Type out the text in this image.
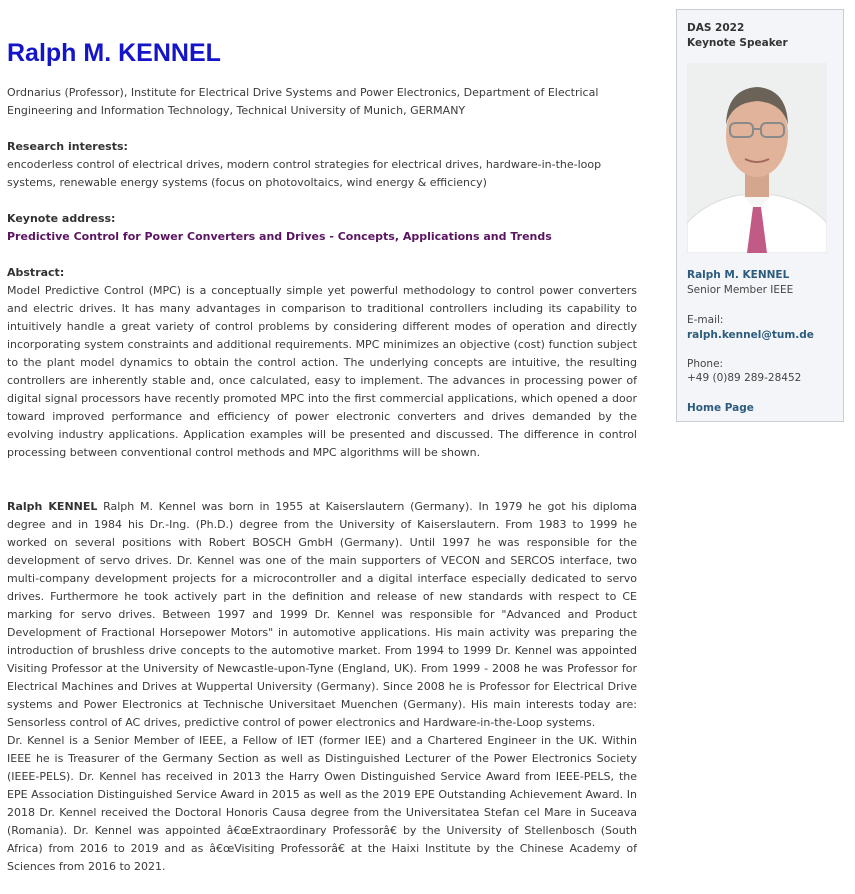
Ralph M. KENNEL

Ordnarius (Professor), Institute for Electrical Drive Systems and Power Electronics, Department of Electrical Engineering and Information Technology, Technical University of Munich, GERMANY

Research interests:

encoderless control of electrical drives, modern control strategies for electrical drives, hardware-in-the-loop systems, renewable energy systems (focus on photovoltaics, wind energy & efficiency)

Keynote address:
Predictive Control for Power Converters and Drives - Concepts, Applications and Trends
Abstract:

Model Predictive Control (MPC) is a conceptually simple yet powerful methodology to control power converters and electric drives. It has many advantages in comparison to traditional controllers including its capability to intuitively handle a great variety of control problems by considering different modes of operation and directly incorporating system constraints and additional requirements. MPC minimizes an objective (cost) function subject to the plant model dynamics to obtain the control action. The underlying concepts are intuitive, the resulting controllers are inherently stable and, once calculated, easy to implement. The advances in processing power of digital signal processors have recently promoted MPC into the first commercial applications, which opened a door toward improved performance and efficiency of power electronic converters and drives demanded by the evolving industry applications. Application examples will be presented and discussed. The difference in control processing between conventional control methods and MPC algorithms will be shown.

Ralph KENNEL Ralph M. Kennel was born in 1955 at Kaiserslautern (Germany). In 1979 he got his diploma degree and in 1984 his Dr.-Ing. (Ph.D.) degree from the University of Kaiserslautern. From 1983 to 1999 he worked on several positions with Robert BOSCH GmbH (Germany). Until 1997 he was responsible for the development of servo drives. Dr. Kennel was one of the main supporters of VECON and SERCOS interface, two multi-company development projects for a microcontroller and a digital interface especially dedicated to servo drives. Furthermore he took actively part in the definition and release of new standards with respect to CE marking for servo drives. Between 1997 and 1999 Dr. Kennel was responsible for "Advanced and Product Development of Fractional Horsepower Motors" in automotive applications. His main activity was preparing the introduction of brushless drive concepts to the automotive market. From 1994 to 1999 Dr. Kennel was appointed Visiting Professor at the University of Newcastle-upon-Tyne (England, UK). From 1999 - 2008 he was Professor for Electrical Machines and Drives at Wuppertal University (Germany). Since 2008 he is Professor for Electrical Drive systems and Power Electronics at Technische Universitaet Muenchen (Germany). His main interests today are: Sensorless control of AC drives, predictive control of power electronics and Hardware-in-the-Loop systems.

Dr. Kennel is a Senior Member of IEEE, a Fellow of IET (former IEE) and a Chartered Engineer in the UK. Within IEEE he is Treasurer of the Germany Section as well as Distinguished Lecturer of the Power Electronics Society (IEEE-PELS). Dr. Kennel has received in 2013 the Harry Owen Distinguished Service Award from IEEE-PELS, the EPE Association Distinguished Service Award in 2015 as well as the 2019 EPE Outstanding Achievement Award. In 2018 Dr. Kennel received the Doctoral Honoris Causa degree from the Universitatea Stefan cel Mare in Suceava (Romania). Dr. Kennel was appointed â€œExtraordinary Professorâ€ by the University of Stellenbosch (South Africa) from 2016 to 2019 and as â€œVisiting Professorâ€ at the Haixi Institute by the Chinese Academy of Sciences from 2016 to 2021.

DAS 2022
Keynote Speaker
Ralph M. KENNEL
Senior Member IEEE
E-mail:
ralph.kennel@tum.de
Phone:
+49 (0)89 289-28452
Home Page
